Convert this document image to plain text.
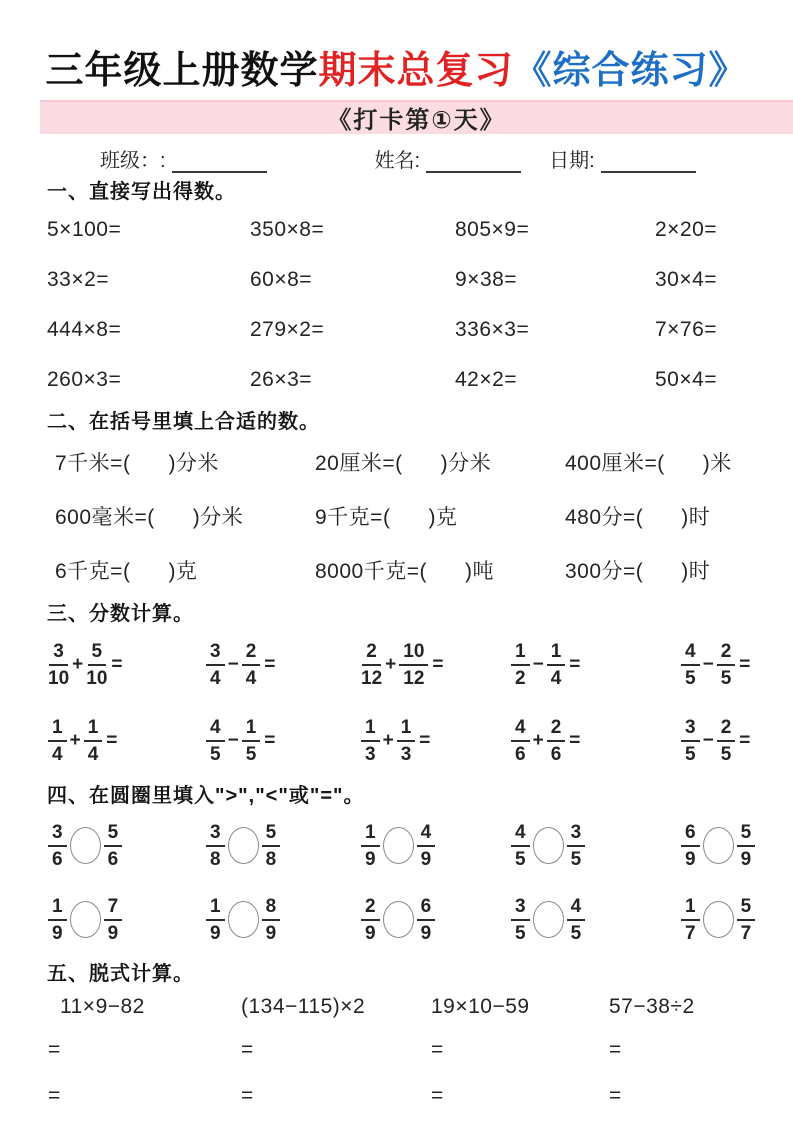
三年级上册数学期末总复习《综合练习》
《打卡第①天》
班级：:	姓名:	日期:
一、直接写出得数。
5×100=	350×8=	805×9=	2×20=
33×2=	60×8=	9×38=	30×4=
444×8=	279×2=	336×3=	7×76=
260×3=	26×3=	42×2=	50×4=
二、在括号里填上合适的数。
7千米=(      )分米	20厘米=(      )分米	400厘米=(      )米
600毫米=(      )分米	9千克=(      )克	480分=(      )时
6千克=(      )克	8000千克=(      )吨	300分=(      )时
三、分数计算。
$\frac{3}{10} + \frac{5}{10}$ =	$\frac{3}{4} - \frac{2}{4}$ =	$\frac{2}{12} + \frac{10}{12}$ =	$\frac{1}{2} - \frac{1}{4}$ =	$\frac{4}{5} - \frac{2}{5}$ =
$\frac{1}{4} + \frac{1}{4}$ =	$\frac{4}{5} - \frac{1}{5}$ =	$\frac{1}{3} + \frac{1}{3}$ =	$\frac{4}{6} + \frac{2}{6}$ =	$\frac{3}{5} - \frac{2}{5}$ =
四、在圆圈里填入">","<"或"="。
$\frac{3}{6} \frac{5}{6}$	$\frac{3}{8} \frac{5}{8}$	$\frac{1}{9} \frac{4}{9}$	$\frac{4}{5} \frac{3}{5}$	$\frac{6}{9} \frac{5}{9}$
$\frac{1}{9} \frac{7}{9}$	$\frac{1}{9} \frac{8}{9}$	$\frac{2}{9} \frac{6}{9}$	$\frac{3}{5} \frac{4}{5}$	$\frac{1}{7} \frac{5}{7}$
五、脱式计算。
11×9−82	(134−115)×2	19×10−59	57−38÷2
=	=	=	=
=	=	=	=
